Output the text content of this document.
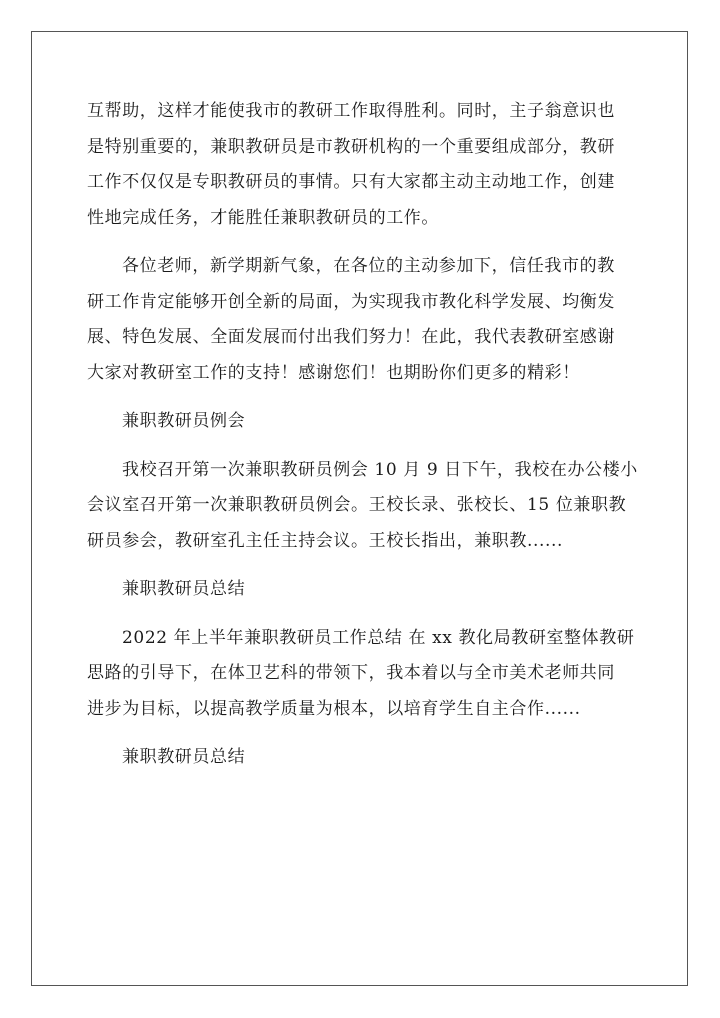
互帮助，这样才能使我市的教研工作取得胜利。同时，主子翁意识也
是特别重要的，兼职教研员是市教研机构的一个重要组成部分，教研
工作不仅仅是专职教研员的事情。只有大家都主动主动地工作，创建
性地完成任务，才能胜任兼职教研员的工作。
各位老师，新学期新气象，在各位的主动参加下，信任我市的教
研工作肯定能够开创全新的局面，为实现我市教化科学发展、均衡发
展、特色发展、全面发展而付出我们努力！在此，我代表教研室感谢
大家对教研室工作的支持！感谢您们！也期盼你们更多的精彩！
兼职教研员例会
我校召开第一次兼职教研员例会 10 月 9 日下午，我校在办公楼小
会议室召开第一次兼职教研员例会。王校长录、张校长、15 位兼职教
研员参会，教研室孔主任主持会议。王校长指出，兼职教......
兼职教研员总结
2022 年上半年兼职教研员工作总结 在 xx 教化局教研室整体教研
思路的引导下，在体卫艺科的带领下，我本着以与全市美术老师共同
进步为目标，以提高教学质量为根本，以培育学生自主合作......
兼职教研员总结
